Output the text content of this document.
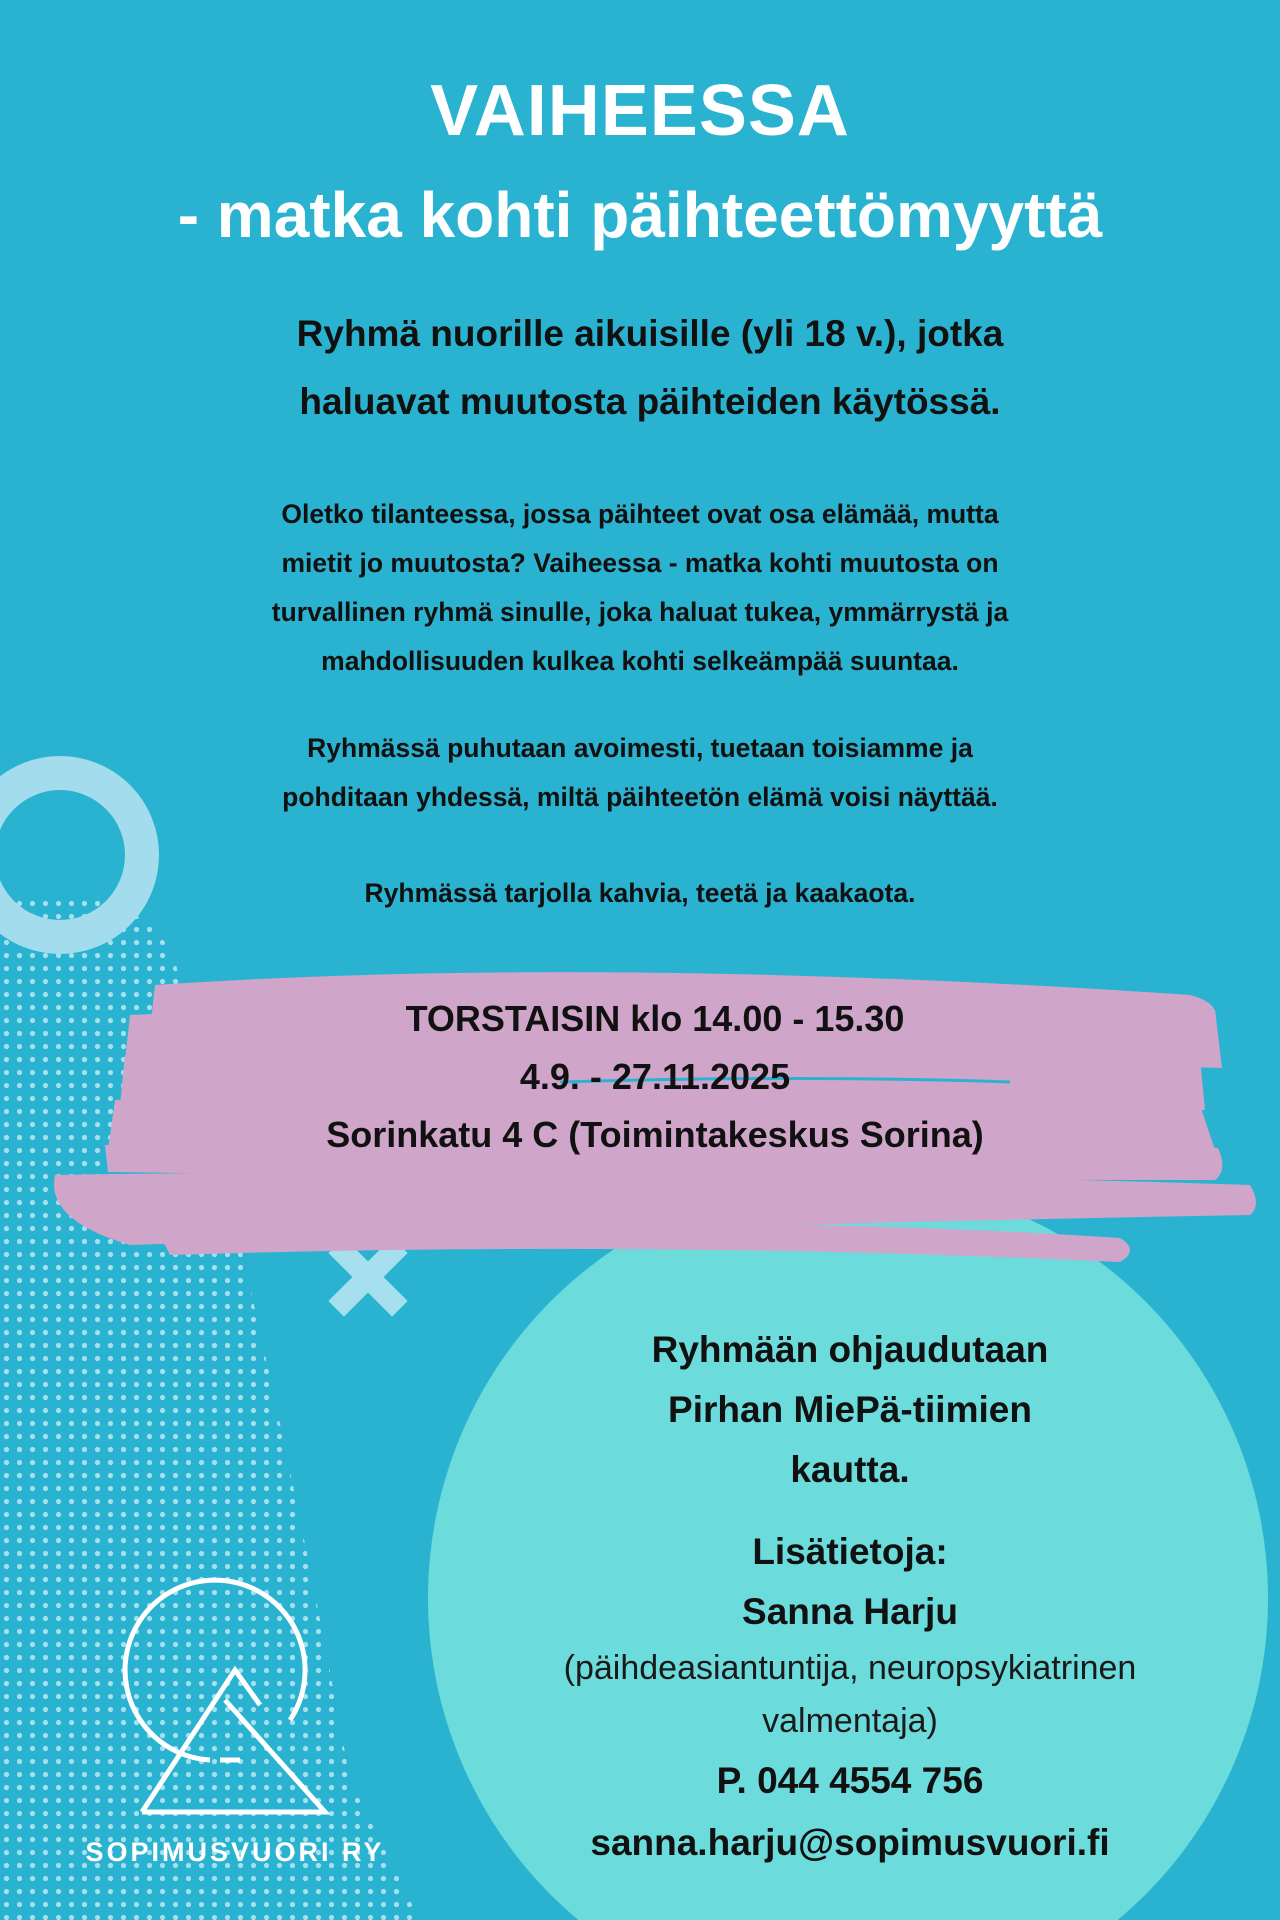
VAIHEESSA
- matka kohti päihteettömyyttä
Ryhmä nuorille aikuisille (yli 18 v.), jotka
haluavat muutosta päihteiden käytössä.
Oletko tilanteessa, jossa päihteet ovat osa elämää, mutta
mietit jo muutosta? Vaiheessa - matka kohti muutosta on
turvallinen ryhmä sinulle, joka haluat tukea, ymmärrystä ja
mahdollisuuden kulkea kohti selkeämpää suuntaa.
Ryhmässä puhutaan avoimesti, tuetaan toisiamme ja
pohditaan yhdessä, miltä päihteetön elämä voisi näyttää.
Ryhmässä tarjolla kahvia, teetä ja kaakaota.
TORSTAISIN klo 14.00 - 15.30
4.9. - 27.11.2025
Sorinkatu 4 C (Toimintakeskus Sorina)
Ryhmään ohjaudutaan
Pirhan MiePä-tiimien
kautta.
Lisätietoja:
Sanna Harju
(päihdeasiantuntija, neuropsykiatrinen
valmentaja)
P. 044 4554 756
sanna.harju@sopimusvuori.fi
SOPIMUSVUORI RY
